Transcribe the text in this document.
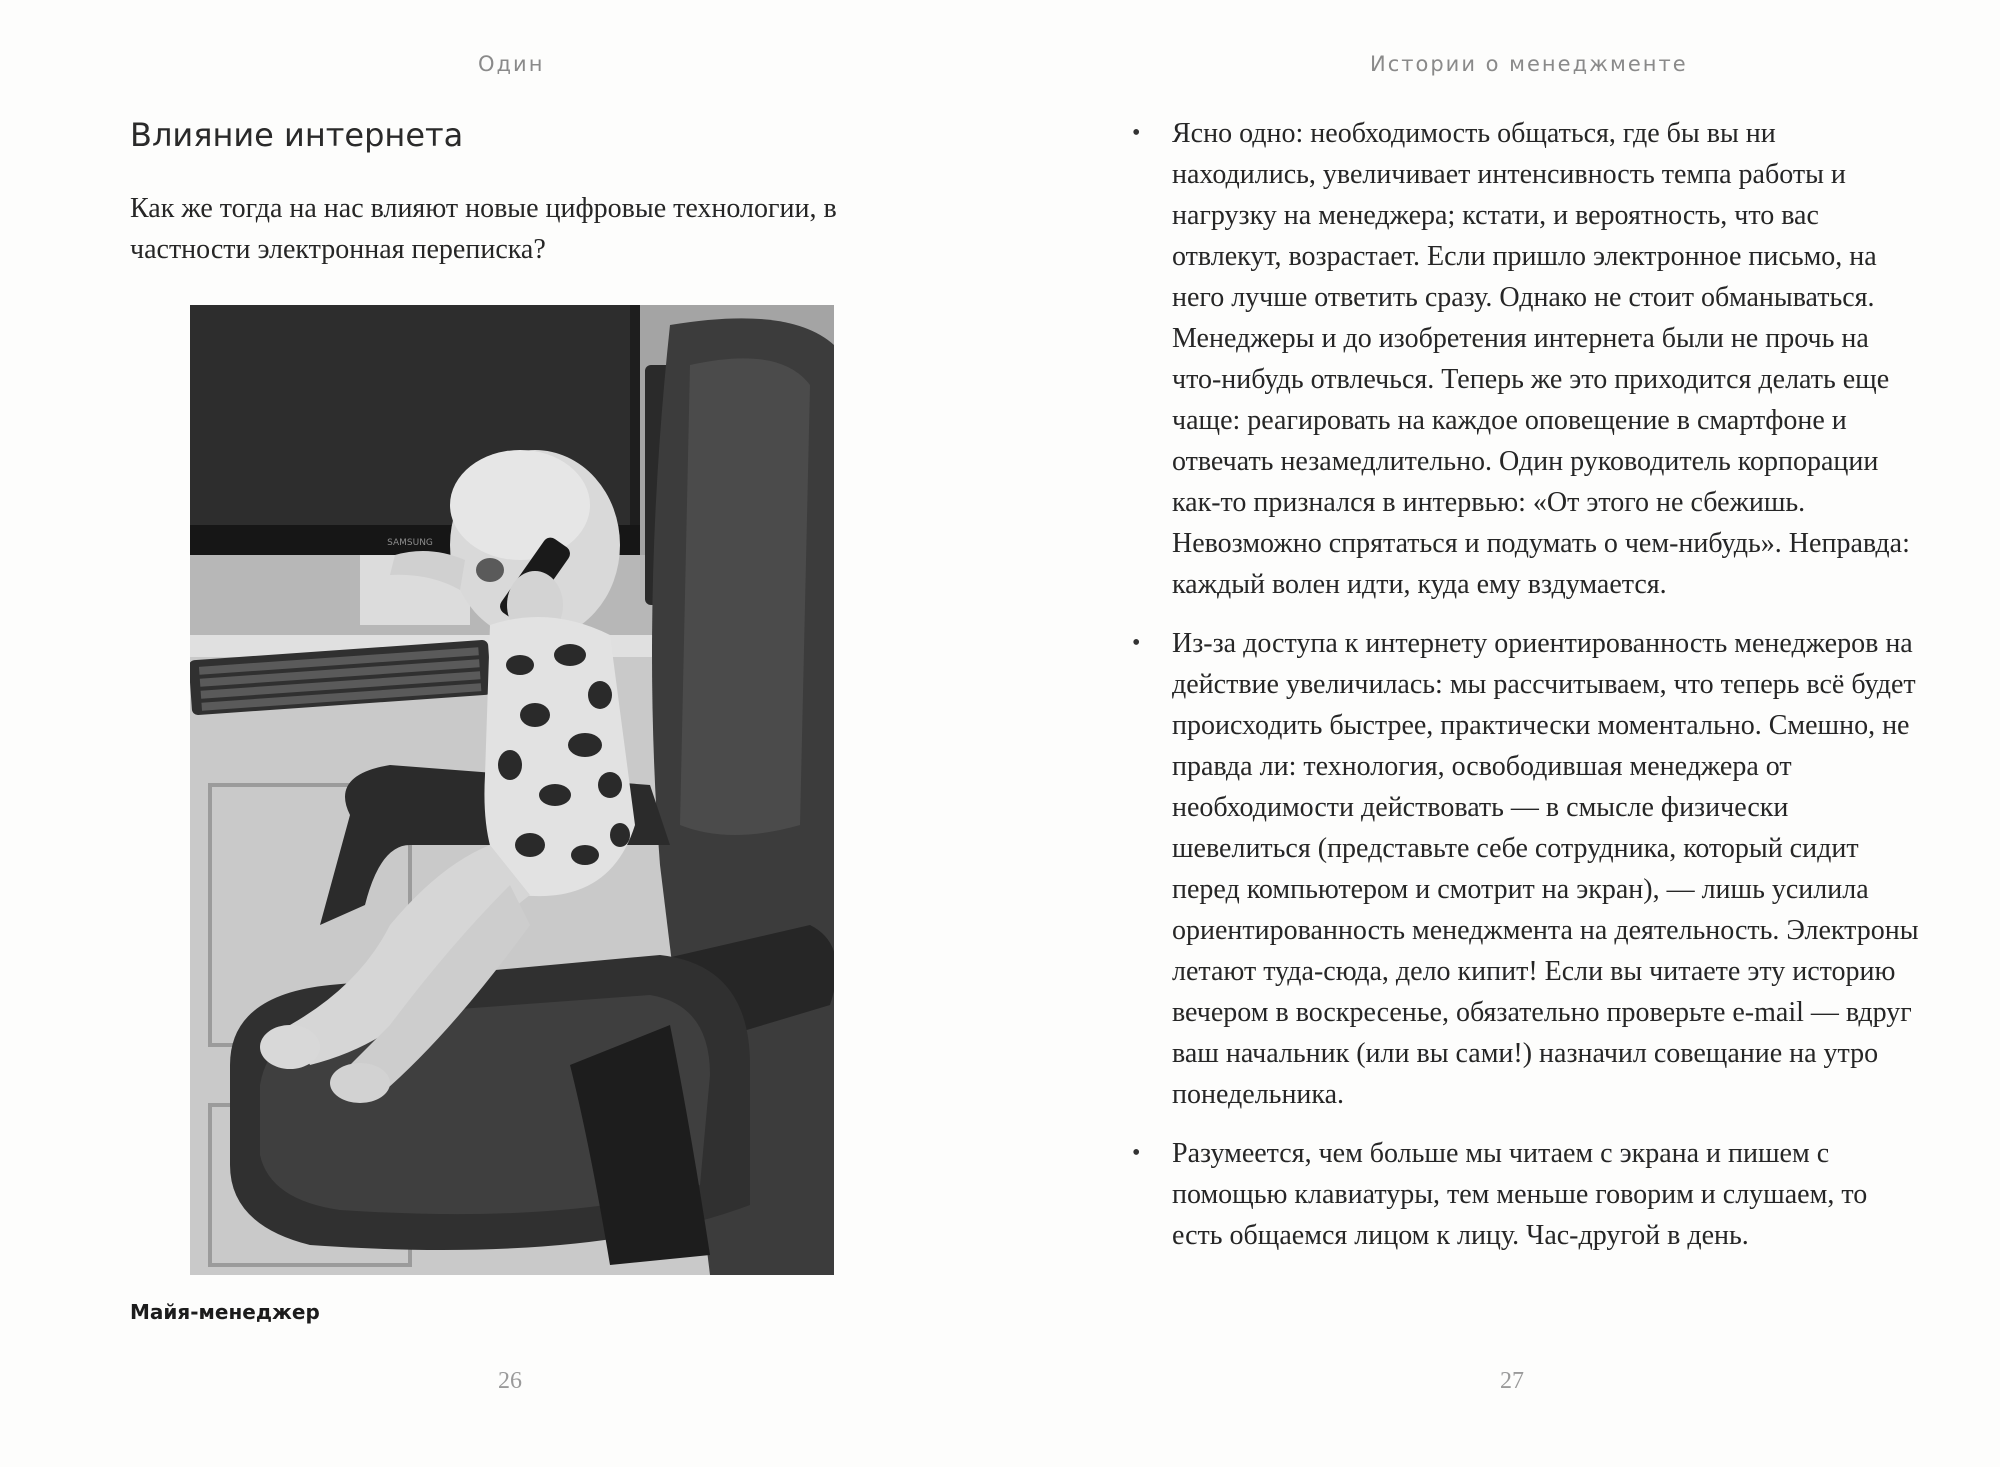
Один
Влияние интернета

Как же тогда на нас влияют новые цифровые технологии, в частности электронная переписка?

SAMSUNG
Майя-менеджер
26
Истории о менеджменте
• Ясно одно: необходимость общаться, где бы вы ни находились, увеличивает интенсивность темпа работы и нагрузку на менеджера; кстати, и вероятность, что вас отвлекут, возрастает. Если пришло электронное письмо, на него лучше ответить сразу. Однако не стоит обманываться. Менеджеры и до изобретения интернета были не прочь на что-нибудь отвлечься. Теперь же это приходится делать еще чаще: реагировать на каждое оповещение в смартфоне и отвечать незамедлительно. Один руководитель корпорации как-то признался в интервью: «От этого не сбежишь. Невозможно спрятаться и подумать о чем-нибудь». Неправда: каждый волен идти, куда ему вздумается.
• Из-за доступа к интернету ориентированность менеджеров на действие увеличилась: мы рассчитываем, что теперь всё будет происходить быстрее, практически моментально. Смешно, не правда ли: технология, освободившая менеджера от необходимости действовать — в смысле физически шевелиться (представьте себе сотрудника, который сидит перед компьютером и смотрит на экран), — лишь усилила ориентированность менеджмента на деятельность. Электроны летают туда-сюда, дело кипит! Если вы читаете эту историю вечером в воскресенье, обязательно проверьте e-mail — вдруг ваш начальник (или вы сами!) назначил совещание на утро понедельника.
• Разумеется, чем больше мы читаем с экрана и пишем с помощью клавиатуры, тем меньше говорим и слушаем, то есть общаемся лицом к лицу. Час-другой в день.
27
